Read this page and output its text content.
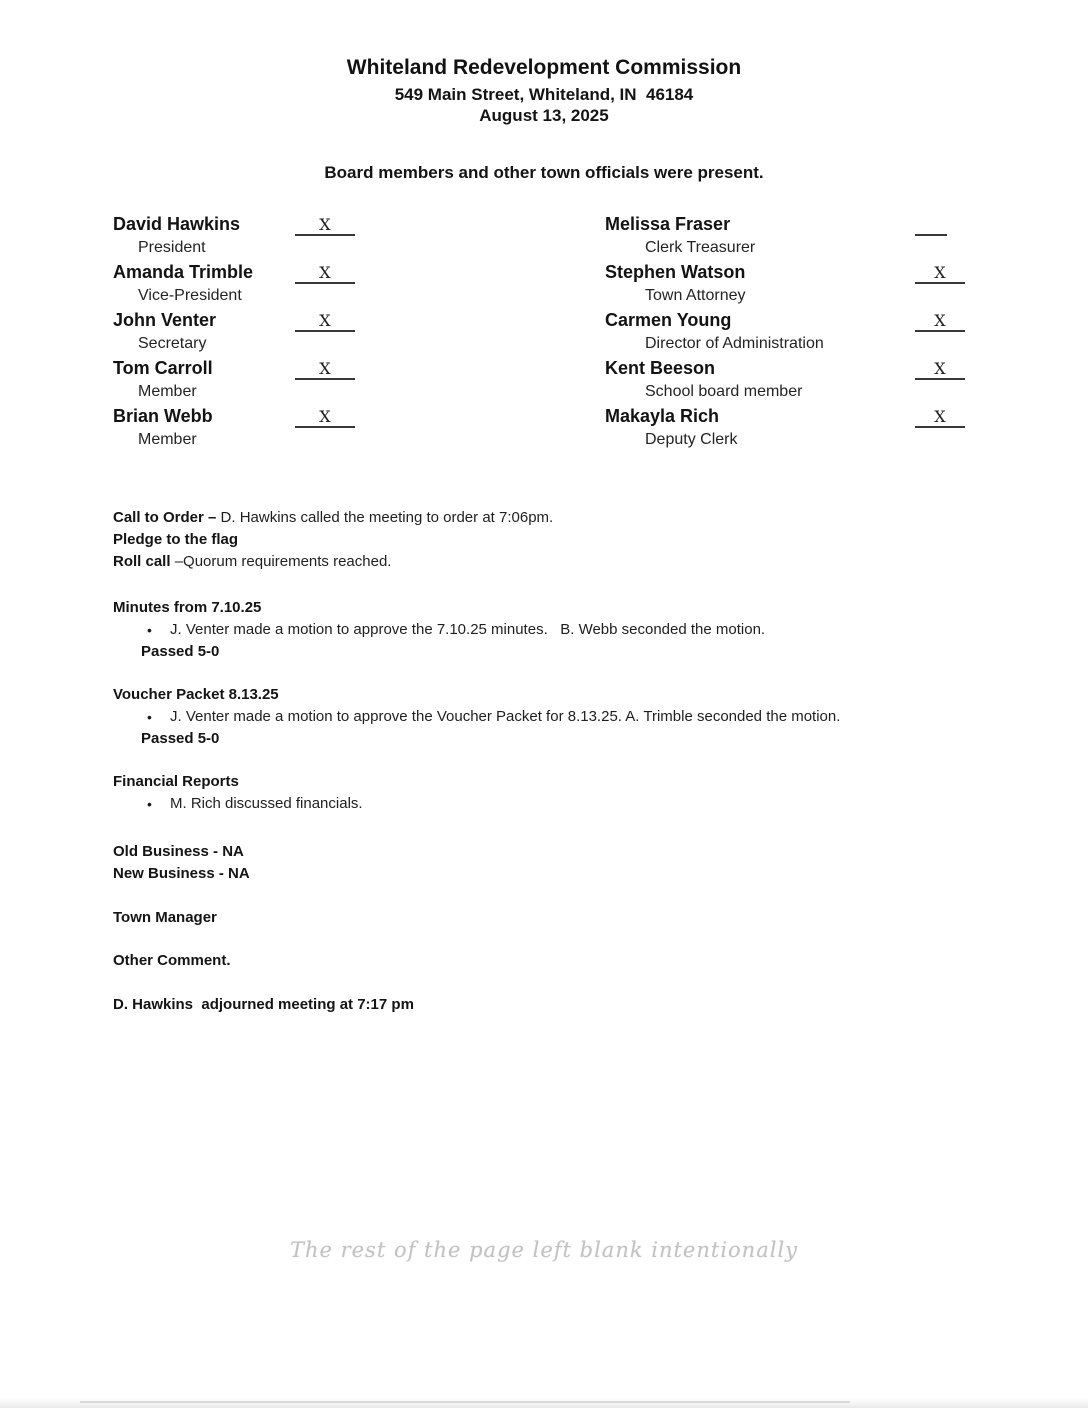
Whiteland Redevelopment Commission
549 Main Street, Whiteland, IN  46184
August 13, 2025
Board members and other town officials were present.
David Hawkins	X
President
Amanda Trimble	X
Vice-President
John Venter	X
Secretary
Tom Carroll	X
Member
Brian Webb	X
Member
Melissa Fraser
Clerk Treasurer
Stephen Watson	X
Town Attorney
Carmen Young	X
Director of Administration
Kent Beeson	X
School board member
Makayla Rich	X
Deputy Clerk

Call to Order – D. Hawkins called the meeting to order at 7:06pm.

Pledge to the flag

Roll call –Quorum requirements reached.

Minutes from 7.10.25

•	J. Venter made a motion to approve the 7.10.25 minutes.   B. Webb seconded the motion.

Passed 5-0

Voucher Packet 8.13.25

•	J. Venter made a motion to approve the Voucher Packet for 8.13.25. A. Trimble seconded the motion.

Passed 5-0

Financial Reports

•	M. Rich discussed financials.

Old Business - NA

New Business - NA

Town Manager

Other Comment.

D. Hawkins  adjourned meeting at 7:17 pm

The rest of the page left blank intentionally
